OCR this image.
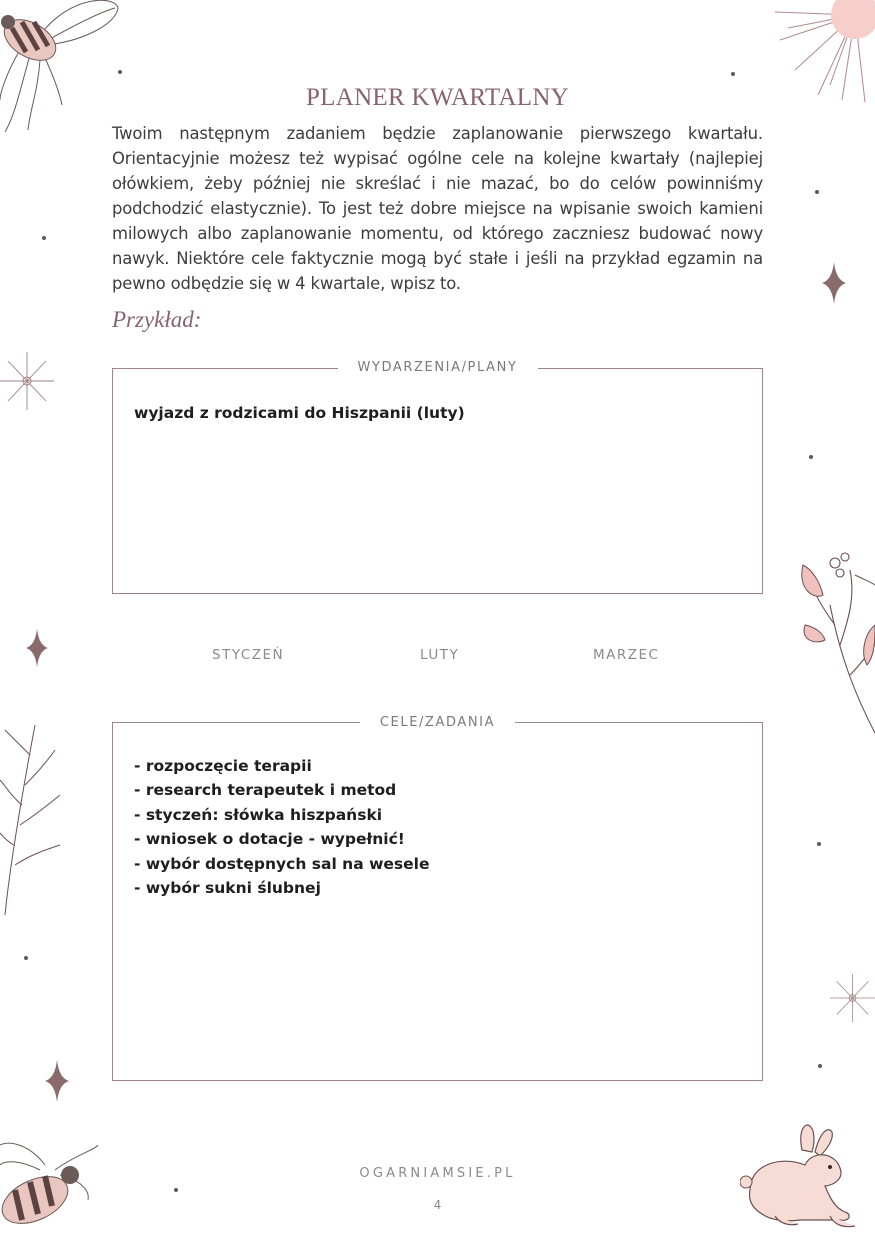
PLANER KWARTALNY
Twoim następnym zadaniem będzie zaplanowanie pierwszego kwartału. Orientacyjnie możesz też wypisać ogólne cele na kolejne kwartały (najlepiej ołówkiem, żeby później nie skreślać i nie mazać, bo do celów powinniśmy podchodzić elastycznie). To jest też dobre miejsce na wpisanie swoich kamieni milowych albo zaplanowanie momentu, od którego zaczniesz budować nowy nawyk. Niektóre cele faktycznie mogą być stałe i jeśli na przykład egzamin na pewno odbędzie się w 4 kwartale, wpisz to.
Przykład:
WYDARZENIA/PLANY
wyjazd z rodzicami do Hiszpanii (luty)
STYCZEŃ	LUTY	MARZEC
CELE/ZADANIA
- rozpoczęcie terapii
- research terapeutek i metod
- styczeń: słówka hiszpański
- wniosek o dotacje - wypełnić!
- wybór dostępnych sal na wesele
- wybór sukni ślubnej
OGARNIAMSIE.PL
4
